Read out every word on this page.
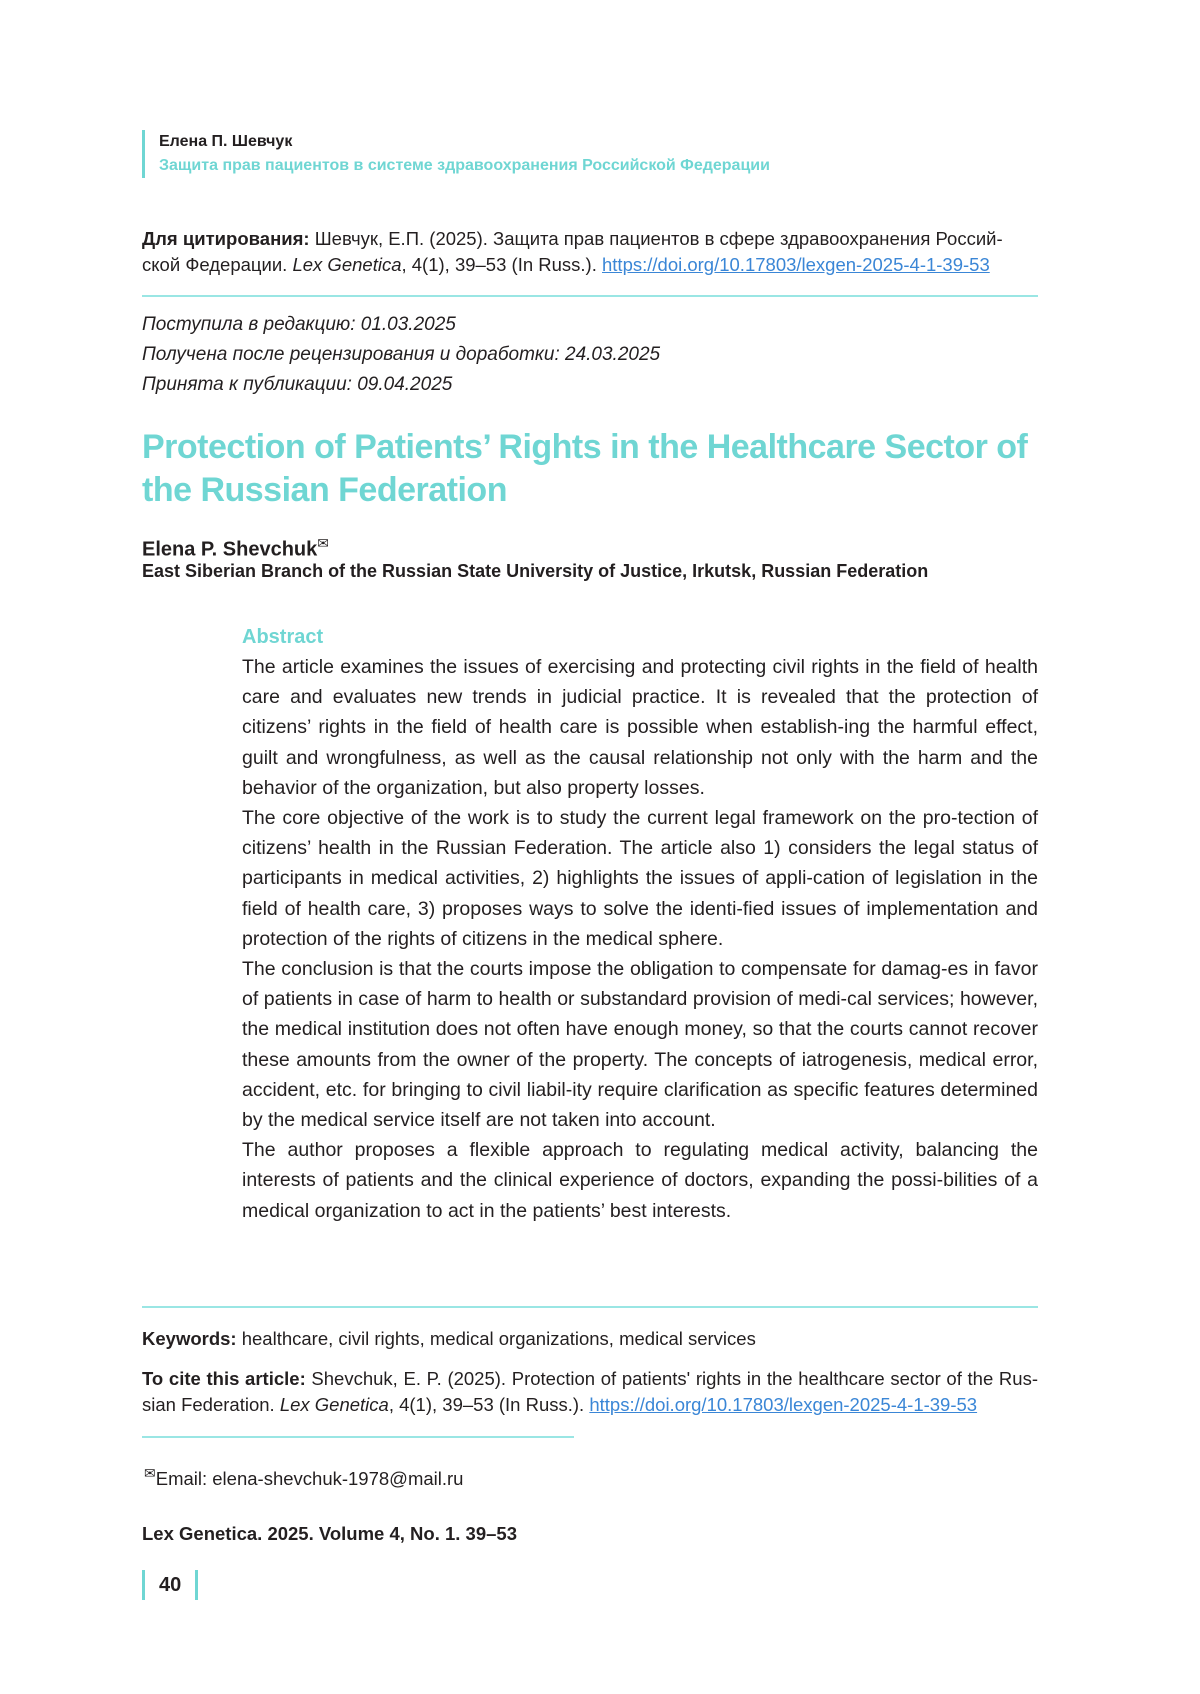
Елена П. Шевчук
Защита прав пациентов в системе здравоохранения Российской Федерации
Для цитирования: Шевчук, Е.П. (2025). Защита прав пациентов в сфере здравоохранения Россий-ской Федерации. Lex Genetica, 4(1), 39–53 (In Russ.). https://doi.org/10.17803/lexgen-2025-4-1-39-53
Поступила в редакцию: 01.03.2025
Получена после рецензирования и доработки: 24.03.2025
Принята к публикации: 09.04.2025
Protection of Patients’ Rights in the Healthcare Sector of the Russian Federation
Elena P. Shevchuk✉
East Siberian Branch of the Russian State University of Justice, Irkutsk, Russian Federation
Abstract

The article examines the issues of exercising and protecting civil rights in the field of health care and evaluates new trends in judicial practice. It is revealed that the protection of citizens’ rights in the field of health care is possible when establish-ing the harmful effect, guilt and wrongfulness, as well as the causal relationship not only with the harm and the behavior of the organization, but also property losses.

The core objective of the work is to study the current legal framework on the pro-tection of citizens’ health in the Russian Federation. The article also 1) considers the legal status of participants in medical activities, 2) highlights the issues of appli-cation of legislation in the field of health care, 3) proposes ways to solve the identi-fied issues of implementation and protection of the rights of citizens in the medical sphere.

The conclusion is that the courts impose the obligation to compensate for damag-es in favor of patients in case of harm to health or substandard provision of medi-cal services; however, the medical institution does not often have enough money, so that the courts cannot recover these amounts from the owner of the property. The concepts of iatrogenesis, medical error, accident, etc. for bringing to civil liabil-ity require clarification as specific features determined by the medical service itself are not taken into account.

The author proposes a flexible approach to regulating medical activity, balancing the interests of patients and the clinical experience of doctors, expanding the possi-bilities of a medical organization to act in the patients’ best interests.

Keywords: healthcare, civil rights, medical organizations, medical services
To cite this article: Shevchuk, E. P. (2025). Protection of patients' rights in the healthcare sector of the Rus-sian Federation. Lex Genetica, 4(1), 39–53 (In Russ.). https://doi.org/10.17803/lexgen-2025-4-1-39-53
✉Email: elena-shevchuk-1978@mail.ru
Lex Genetica. 2025. Volume 4, No. 1. 39–53
40
